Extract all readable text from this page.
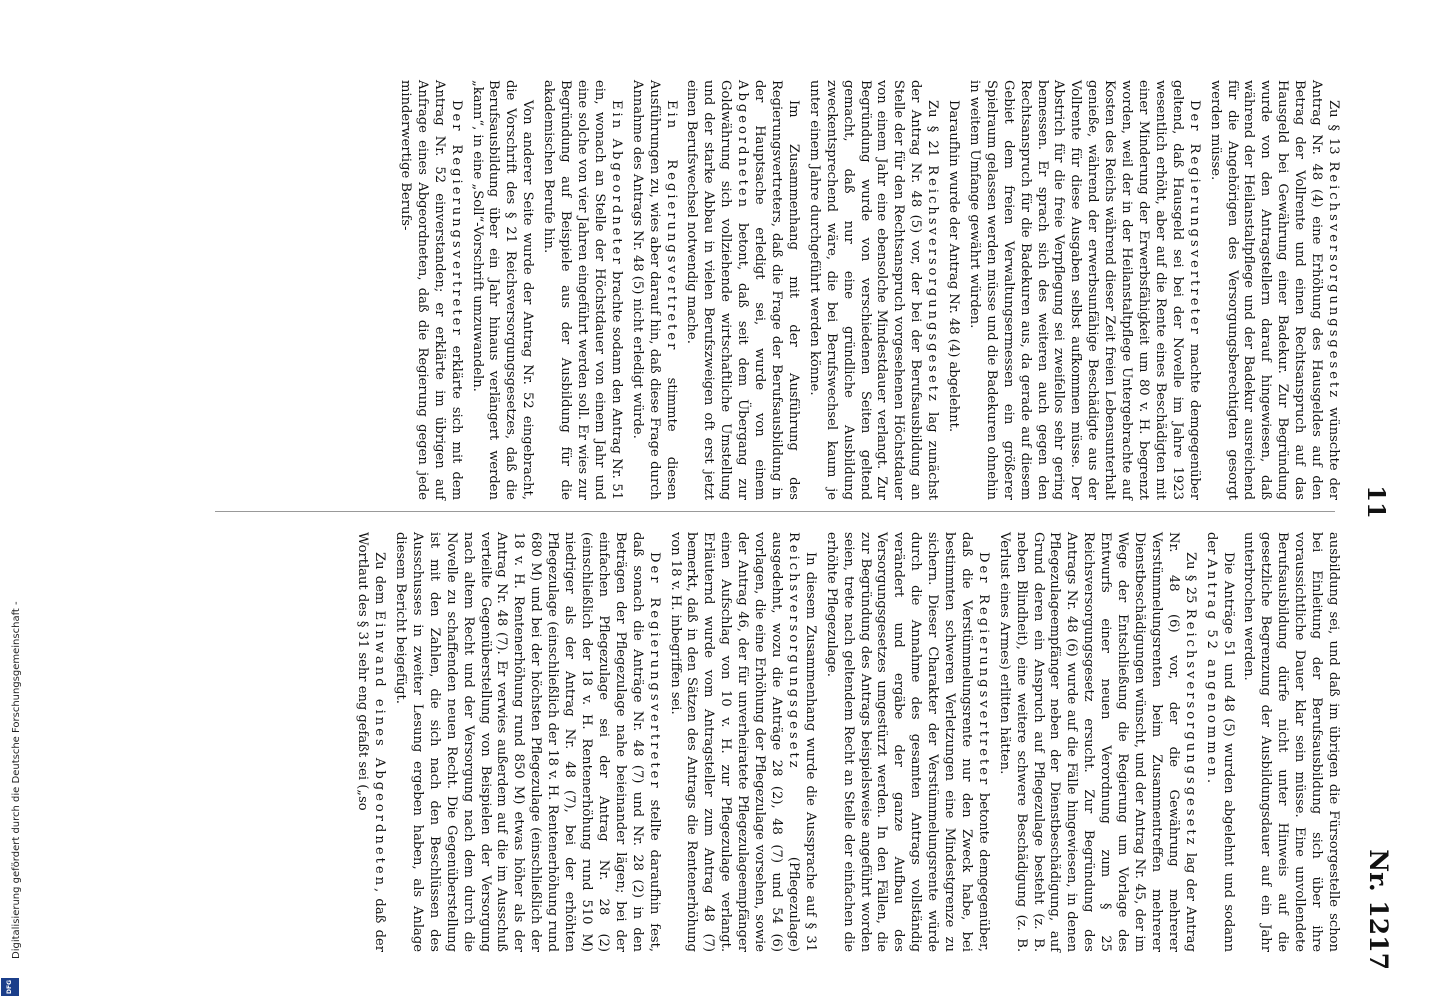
Digitalisierung gefördert durch die Deutsche Forschungsgemeinschaft -
DFG
11
Nr. 1217

Zu § 13 Reichsversorgungsgesetz wünschte der Antrag Nr. 48 (4) eine Erhöhung des Hausgeldes auf den Betrag der Vollrente und einen Rechtsanspruch auf das Hausgeld bei Gewährung einer Badekur. Zur Begründung wurde von den Antragstellern darauf hingewiesen, daß während der Heilanstaltpflege und der Badekur ausreichend für die Angehörigen des Versorgungsberechtigten gesorgt werden müsse.

Der Regierungsvertreter machte demgegenüber geltend, daß Hausgeld sei bei der Novelle im Jahre 1923 wesentlich erhöht, aber auf die Rente eines Beschädigten mit einer Minderung der Erwerbsfähigkeit um 80 v. H. begrenzt worden, weil der in der Heilanstaltpflege Untergebrachte auf Kosten des Reichs während dieser Zeit freien Lebensunterhalt genieße, während der erwerbsunfähige Beschädigte aus der Vollrente für diese Ausgaben selbst aufkommen müsse. Der Abstrich für die freie Verpflegung sei zweifellos sehr gering bemessen. Er sprach sich des weiteren auch gegen den Rechtsanspruch für die Badekuren aus, da gerade auf diesem Gebiet dem freien Verwaltungsermessen ein größerer Spielraum gelassen werden müsse und die Badekuren ohnehin in weitem Umfange gewährt würden.

Daraufhin wurde der Antrag Nr. 48 (4) abgelehnt.

Zu § 21 Reichsversorgungsgesetz lag zunächst der Antrag Nr. 48 (5) vor, der bei der Berufsausbildung an Stelle der für den Rechtsanspruch vorgesehenen Höchstdauer von einem Jahr eine ebensolche Mindestdauer verlangt. Zur Begründung wurde von verschiedenen Seiten geltend gemacht, daß nur eine gründliche Ausbildung zweckentsprechend wäre, die bei Berufswechsel kaum je unter einem Jahre durchgeführt werden könne.

Im Zusammenhang mit der Ausführung des Regierungsvertreters, daß die Frage der Berufsausbildung in der Hauptsache erledigt sei, wurde von einem Abgeordneten betont, daß seit dem Übergang zur Goldwährung sich vollziehende wirtschaftliche Umstellung und der starke Abbau in vielen Berufszweigen oft erst jetzt einen Berufswechsel notwendig mache.

Ein Regierungsvertreter stimmte diesen Ausführungen zu, wies aber darauf hin, daß diese Frage durch Annahme des Antrags Nr. 48 (5) nicht erledigt würde.

Ein Abgeordneter brachte sodann den Antrag Nr. 51 ein, wonach an Stelle der Höchstdauer von einem Jahr und eine solche von vier Jahren eingeführt werden soll. Er wies zur Begründung auf Beispiele aus der Ausbildung für die akademischen Berufe hin.

Von anderer Seite wurde der Antrag Nr. 52 eingebracht, die Vorschrift des § 21 Reichsversorgungsgesetzes, daß die Berufsausbildung über ein Jahr hinaus verlängert werden „kann“, in eine „Soll“-Vorschrift umzuwandeln.

Der Regierungsvertreter erklärte sich mit dem Antrag Nr. 52 einverstanden; er erklärte im übrigen auf Anfrage eines Abgeordneten, daß die Regierung gegen jede minderwertige Berufs-

ausbildung sei, und daß im übrigen die Fürsorgestelle schon bei Einleitung der Berufsausbildung sich über ihre voraussichtliche Dauer klar sein müsse. Eine unvollendete Berufsausbildung dürfe nicht unter Hinweis auf die gesetzliche Begrenzung der Ausbildungsdauer auf ein Jahr unterbrochen werden.

Die Anträge 51 und 48 (5) wurden abgelehnt und sodann der Antrag 52 angenommen.

Zu § 25 Reichsversorgungsgesetz lag der Antrag Nr. 48 (6) vor, der die Gewährung mehrerer Verstümmelungsrenten beim Zusammentreffen mehrerer Dienstbeschädigungen wünscht, und der Antrag Nr. 45, der im Wege der Entschließung die Regierung um Vorlage des Entwurfs einer neuen Verordnung zum § 25 Reichsversorgungsgesetz ersucht. Zur Begründung des Antrags Nr. 48 (6) wurde auf die Fälle hingewiesen, in denen Pflegezulageempfänger neben der Dienstbeschädigung, auf Grund deren ein Anspruch auf Pflegezulage besteht (z. B. neben Blindheit), eine weitere schwere Beschädigung (z. B. Verlust eines Armes) erlitten hätten.

Der Regierungsvertreter betonte demgegenüber, daß die Verstümmelungsrente nur den Zweck habe, bei bestimmten schweren Verletzungen eine Mindestgrenze zu sichern. Dieser Charakter der Verstümmelungsrente würde durch die Annahme des gesamten Antrags vollständig verändert und ergäbe der ganze Aufbau des Versorgungsgesetzes umgestürzt werden. In den Fällen, die zur Begründung des Antrags beispielsweise angeführt worden seien, trete nach geltendem Recht an Stelle der einfachen die erhöhte Pflegezulage.

In diesem Zusammenhang wurde die Aussprache auf § 31 Reichsversorgungsgesetz (Pflegezulage) ausgedehnt, wozu die Anträge 28 (2), 48 (7) und 54 (6) vorlagen, die eine Erhöhung der Pflegezulage vorsehen, sowie der Antrag 46, der für unverheiratete Pflegezulageempfänger einen Aufschlag von 10 v. H. zur Pflegezulage verlangt. Erläuternd wurde vom Antragsteller zum Antrag 48 (7) bemerkt, daß in den Sätzen des Antrags die Rentenerhöhung von 18 v. H. inbegriffen sei.

Der Regierungsvertreter stellte daraufhin fest, daß sonach die Anträge Nr. 48 (7) und Nr. 28 (2) in den Beträgen der Pflegezulage nahe beieinander lägen; bei der einfachen Pflegezulage sei der Antrag Nr. 28 (2) (einschließlich der 18 v. H. Rentenerhöhung rund 510 M) niedriger als der Antrag Nr. 48 (7), bei der erhöhten Pflegezulage (einschließlich der 18 v. H. Rentenerhöhung rund 680 M) und bei der höchsten Pflegezulage (einschließlich der 18 v. H. Rentenerhöhung rund 850 M) etwas höher als der Antrag Nr. 48 (7). Er verwies außerdem auf die im Ausschuß verteilte Gegenüberstellung von Beispielen der Versorgung nach altem Recht und der Versorgung nach dem durch die Novelle zu schaffenden neuen Recht. Die Gegenüberstellung ist mit den Zahlen, die sich nach den Beschlüssen des Ausschusses in zweiter Lesung ergeben haben, als Anlage diesem Bericht beigefügt.

Zu dem Einwand eines Abgeordneten, daß der Wortlaut des § 31 sehr eng gefaßt sei („so
